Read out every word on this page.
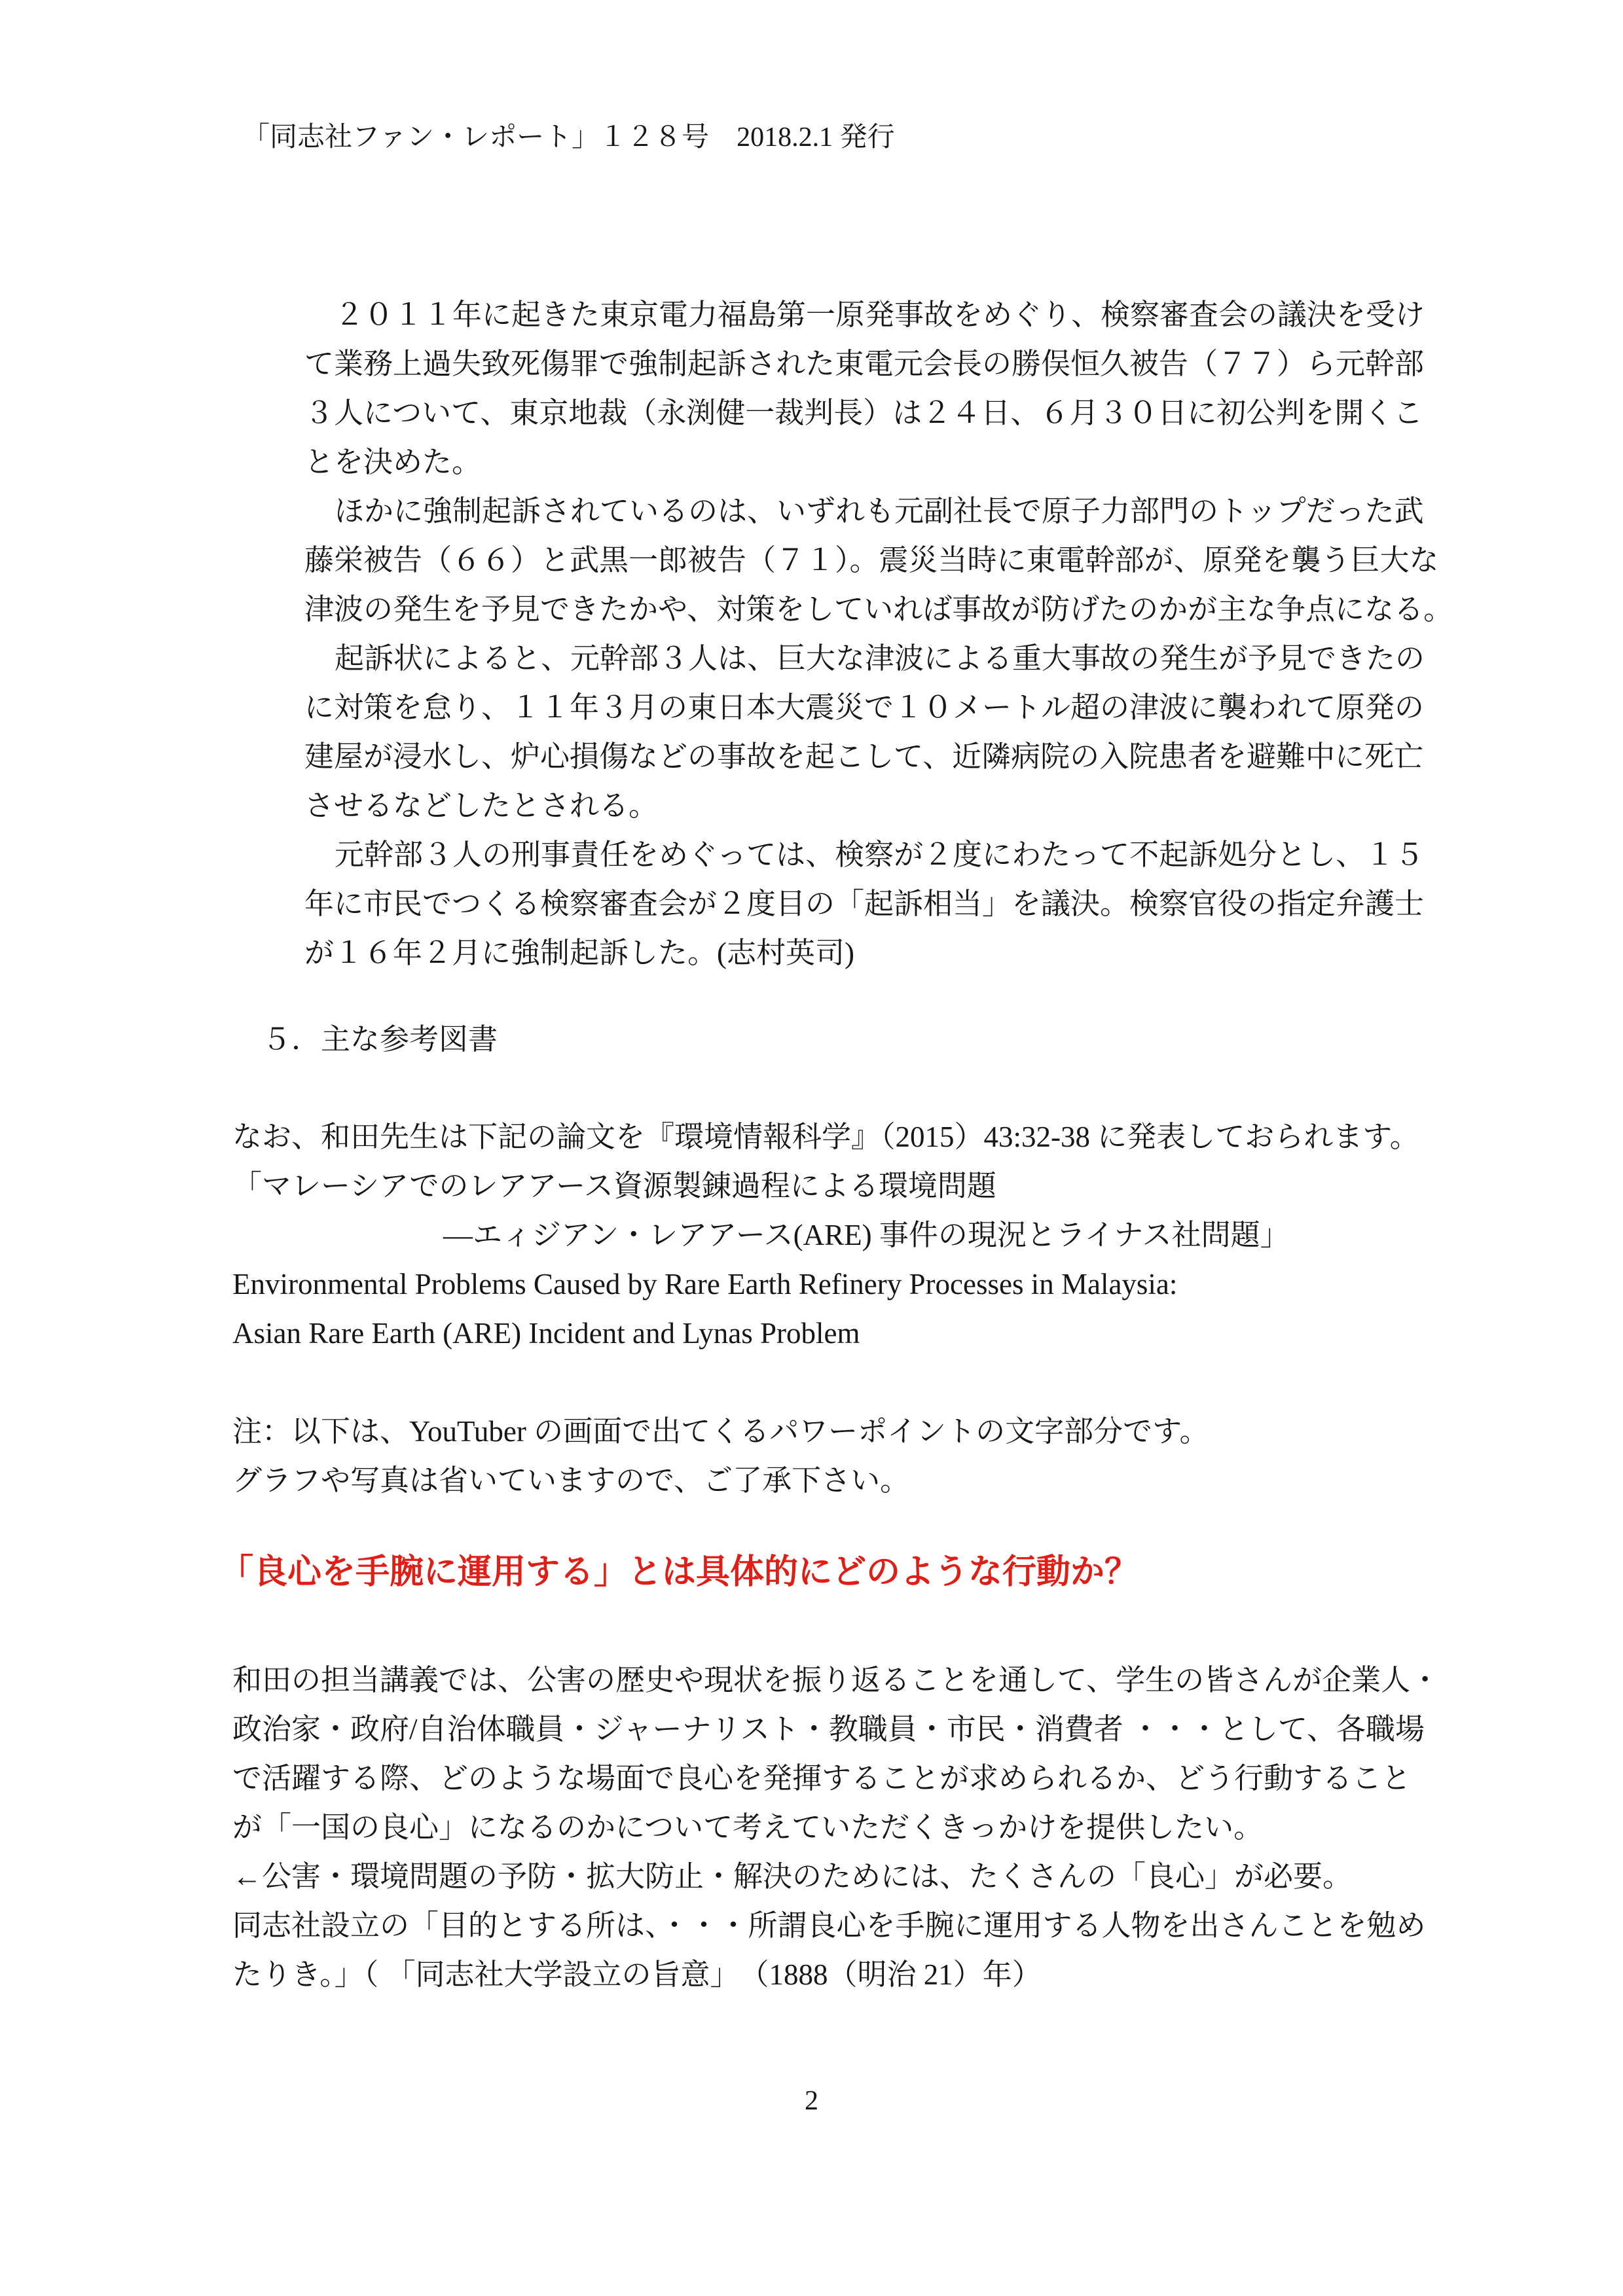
「同志社ファン・レポート」１２８号　2018.2.1 発行
２０１１年に起きた東京電力福島第一原発事故をめぐり、検察審査会の議決を受け
て業務上過失致死傷罪で強制起訴された東電元会長の勝俣恒久被告（７７）ら元幹部
３人について、東京地裁（永渕健一裁判長）は２４日、６月３０日に初公判を開くこ
とを決めた。
ほかに強制起訴されているのは、いずれも元副社長で原子力部門のトップだった武
藤栄被告（６６）と武黒一郎被告（７１）。震災当時に東電幹部が、原発を襲う巨大な
津波の発生を予見できたかや、対策をしていれば事故が防げたのかが主な争点になる。
起訴状によると、元幹部３人は、巨大な津波による重大事故の発生が予見できたの
に対策を怠り、１１年３月の東日本大震災で１０メートル超の津波に襲われて原発の
建屋が浸水し、炉心損傷などの事故を起こして、近隣病院の入院患者を避難中に死亡
させるなどしたとされる。
元幹部３人の刑事責任をめぐっては、検察が２度にわたって不起訴処分とし、１５
年に市民でつくる検察審査会が２度目の「起訴相当」を議決。検察官役の指定弁護士
が１６年２月に強制起訴した。(志村英司)
５．主な参考図書
なお、和田先生は下記の論文を『環境情報科学』（2015）43:32-38 に発表しておられます。
「マレーシアでのレアアース資源製錬過程による環境問題
―エィジアン・レアアース(ARE) 事件の現況とライナス社問題」
Environmental Problems Caused by Rare Earth Refinery Processes in Malaysia:
Asian Rare Earth (ARE) Incident and Lynas Problem
注：以下は、YouTuber の画面で出てくるパワーポイントの文字部分です。
グラフや写真は省いていますので、ご了承下さい。
「良心を手腕に運用する」とは具体的にどのような行動か？
和田の担当講義では、公害の歴史や現状を振り返ることを通して、学生の皆さんが企業人・
政治家・政府/自治体職員・ジャーナリスト・教職員・市民・消費者 ・・・として、各職場
で活躍する際、どのような場面で良心を発揮することが求められるか、どう行動すること
が「一国の良心」になるのかについて考えていただくきっかけを提供したい。
←公害・環境問題の予防・拡大防止・解決のためには、たくさんの「良心」が必要。
同志社設立の「目的とする所は、・・・所謂良心を手腕に運用する人物を出さんことを勉め
たりき。」（ 「同志社大学設立の旨意」　（1888（明治 21）年）
2
